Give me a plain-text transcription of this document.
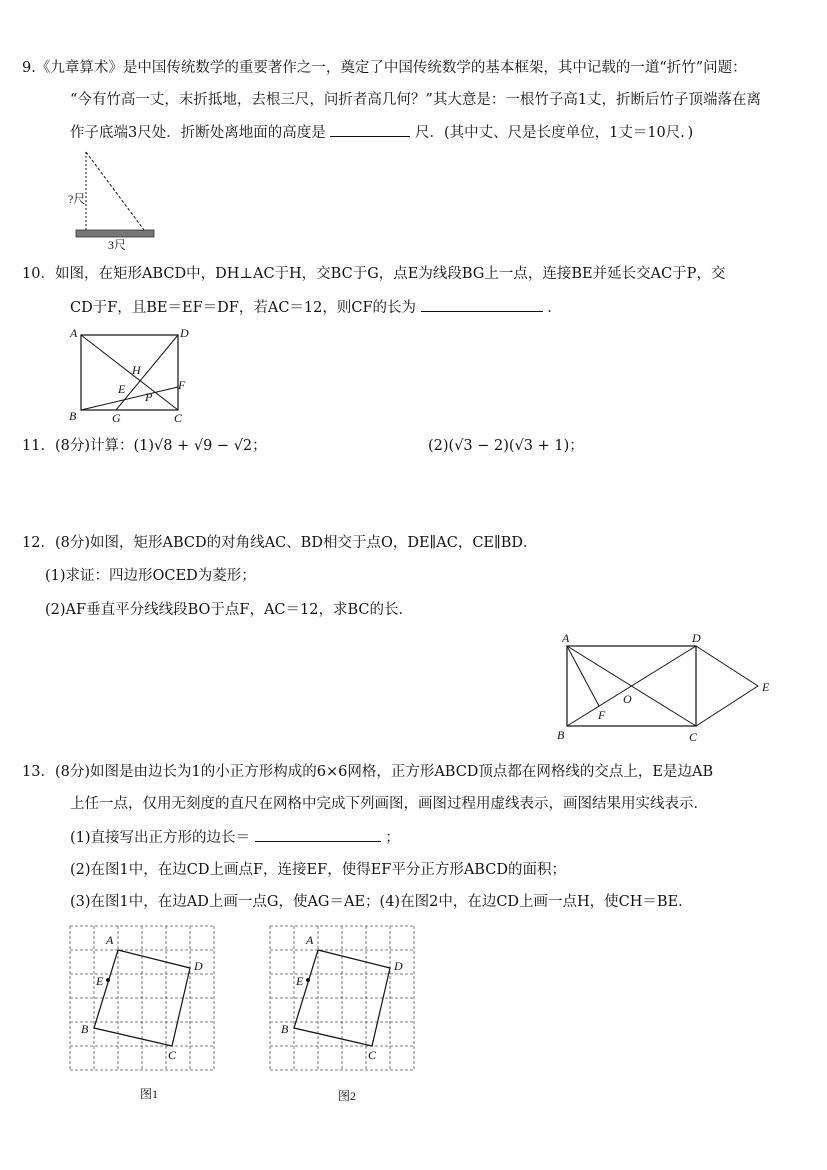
9.《九章算术》是中国传统数学的重要著作之一，奠定了中国传统数学的基本框架，其中记载的一道“折竹”问题：
“今有竹高一丈，末折抵地，去根三尺，问折者高几何？”其大意是：一根竹子高1丈，折断后竹子顶端落在离
作子底端3尺处．折断处离地面的高度是	尺．(其中丈、尺是长度单位，1丈＝10尺．)
?尺
3尺
10．如图，在矩形ABCD中，DH⊥AC于H，交BC于G，点E为线段BG上一点，连接BE并延长交AC于P，交
CD于F，且BE＝EF＝DF，若AC＝12，则CF的长为	．
A	D
H
E	F
P
B	G	C
11．(8分)计算：(1)√8 + √9 − √2；	(2)(√3 − 2)(√3 + 1)；
12．(8分)如图，矩形ABCD的对角线AC、BD相交于点O，DE∥AC，CE∥BD．
(1)求证：四边形OCED为菱形；
(2)AF垂直平分线线段BO于点F，AC＝12，求BC的长．
A	D
E
O
F
B	C
13．(8分)如图是由边长为1的小正方形构成的6×6网格，正方形ABCD顶点都在网格线的交点上，E是边AB
上任一点，仅用无刻度的直尺在网格中完成下列画图，画图过程用虚线表示，画图结果用实线表示．
(1)直接写出正方形的边长＝	；
(2)在图1中，在边CD上画点F，连接EF，使得EF平分正方形ABCD的面积；
(3)在图1中，在边AD上画一点G，使AG＝AE；(4)在图2中，在边CD上画一点H，使CH＝BE．
A
D
E
B
C
图1
A
D
E
B
C
图2
